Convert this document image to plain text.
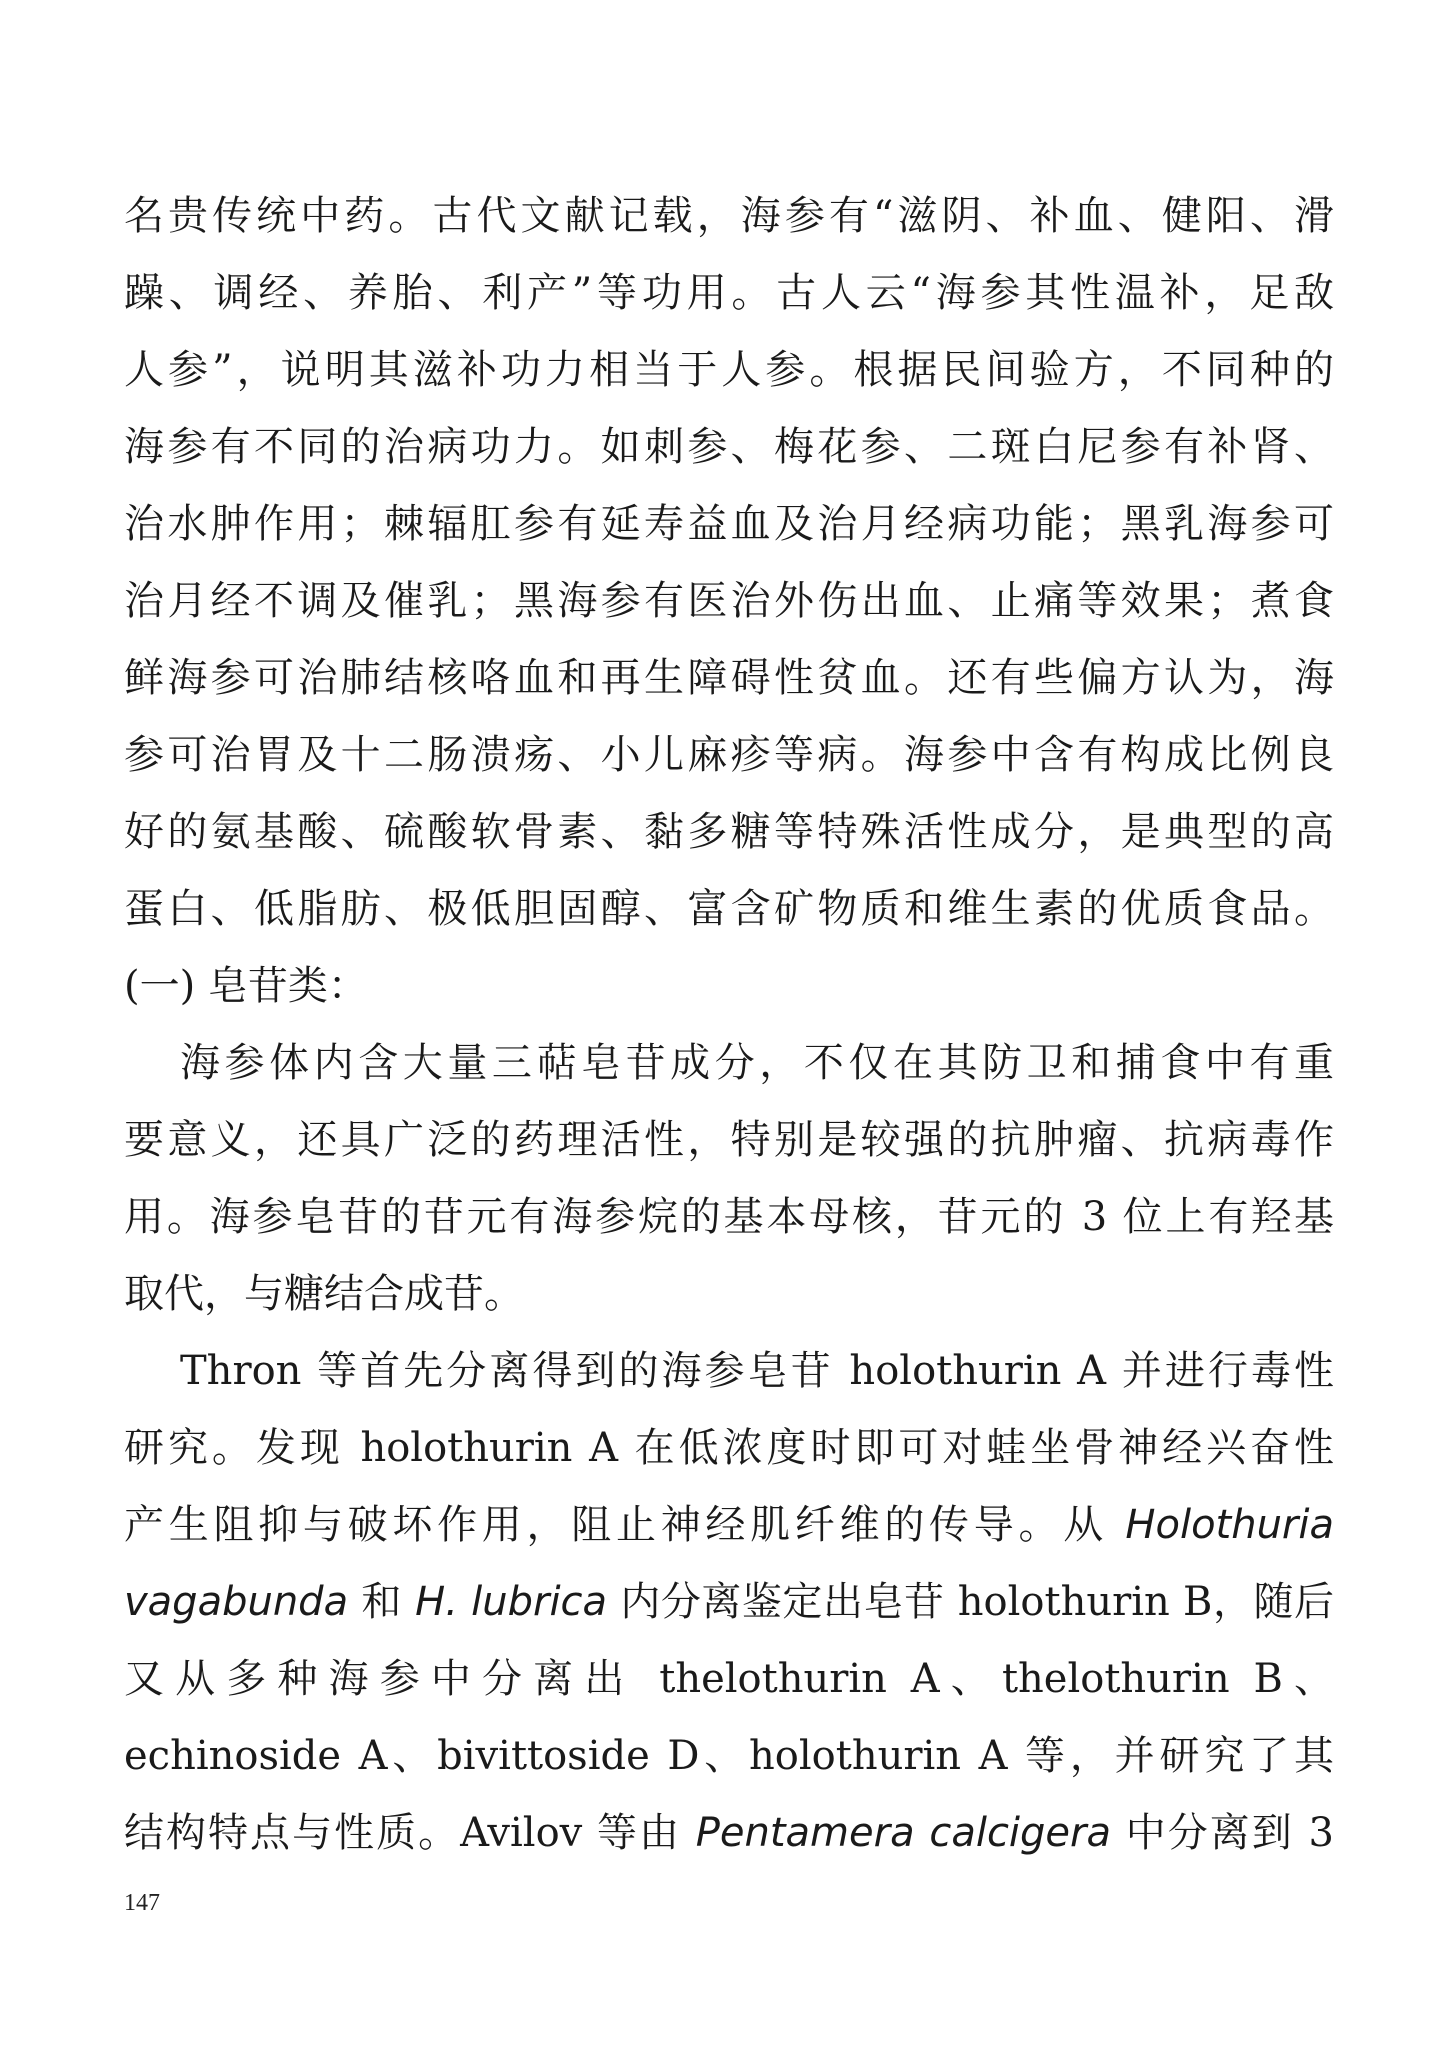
名贵传统中药。古代文献记载，海参有“滋阴、补血、健阳、滑
躁、调经、养胎、利产”等功用。古人云“海参其性温补，足敌
人参”，说明其滋补功力相当于人参。根据民间验方，不同种的
海参有不同的治病功力。如刺参、梅花参、二斑白尼参有补肾、
治水肿作用；棘辐肛参有延寿益血及治月经病功能；黑乳海参可
治月经不调及催乳；黑海参有医治外伤出血、止痛等效果；煮食
鲜海参可治肺结核咯血和再生障碍性贫血。还有些偏方认为，海
参可治胃及十二肠溃疡、小儿麻疹等病。海参中含有构成比例良
好的氨基酸、硫酸软骨素、黏多糖等特殊活性成分，是典型的高
蛋白、低脂肪、极低胆固醇、富含矿物质和维生素的优质食品。
(一) 皂苷类：
海参体内含大量三萜皂苷成分，不仅在其防卫和捕食中有重
要意义，还具广泛的药理活性，特别是较强的抗肿瘤、抗病毒作
用。海参皂苷的苷元有海参烷的基本母核，苷元的 3 位上有羟基
取代，与糖结合成苷。
Thron 等首先分离得到的海参皂苷 holothurin A 并进行毒性
研究。发现 holothurin A 在低浓度时即可对蛙坐骨神经兴奋性
产生阻抑与破坏作用，阻止神经肌纤维的传导。从 Holothuria
vagabunda 和 H. lubrica 内分离鉴定出皂苷 holothurin B，随后
又从多种海参中分离出 thelothurin A、thelothurin B、
echinoside A、bivittoside D、holothurin A 等，并研究了其
结构特点与性质。Avilov 等由 Pentamera calcigera 中分离到 3
147
